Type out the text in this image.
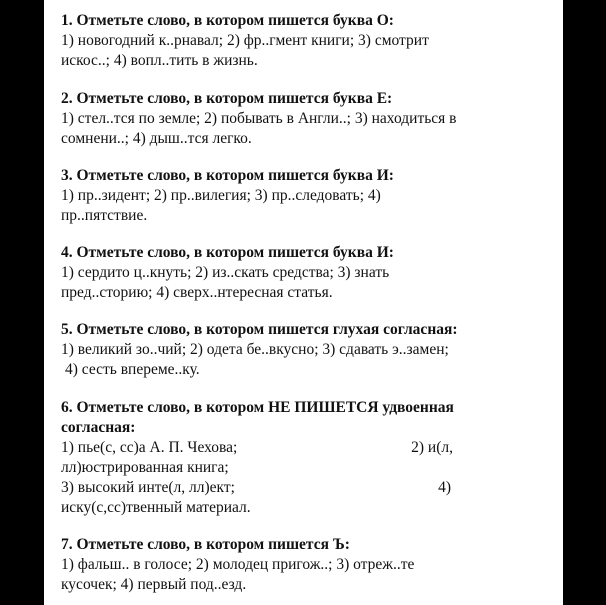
1. Отметьте слово, в котором пишется буква О:
1) новогодний к..рнавал; 2) фр..гмент книги; 3) смотрит
искос..; 4) вопл..тить в жизнь.
2. Отметьте слово, в котором пишется буква Е:
1) стел..тся по земле; 2) побывать в Англи..; 3) находиться в
сомнени..; 4) дыш..тся легко.
3. Отметьте слово, в котором пишется буква И:
1) пр..зидент; 2) пр..вилегия; 3) пр..следовать; 4)
пр..пятствие.
4. Отметьте слово, в котором пишется буква И:
1) сердито ц..кнуть; 2) из..скать средства; 3) знать
пред..сторию; 4) сверх..нтересная статья.
5. Отметьте слово, в котором пишется глухая согласная:
1) великий зо..чий; 2) одета бе..вкусно; 3) сдавать э..замен;
4) сесть впереме..ку.
6. Отметьте слово, в котором НЕ ПИШЕТСЯ удвоенная согласная:
1) пье(с, сс)а А. П. Чехова;	2) и(л,
лл)юстрированная книга;
3) высокий инте(л, лл)ект;	4)
иску(с,сс)твенный материал.
7. Отметьте слово, в котором пишется Ъ:
1) фальш.. в голосе; 2) молодец пригож..; 3) отреж..те
кусочек; 4) первый под..езд.
